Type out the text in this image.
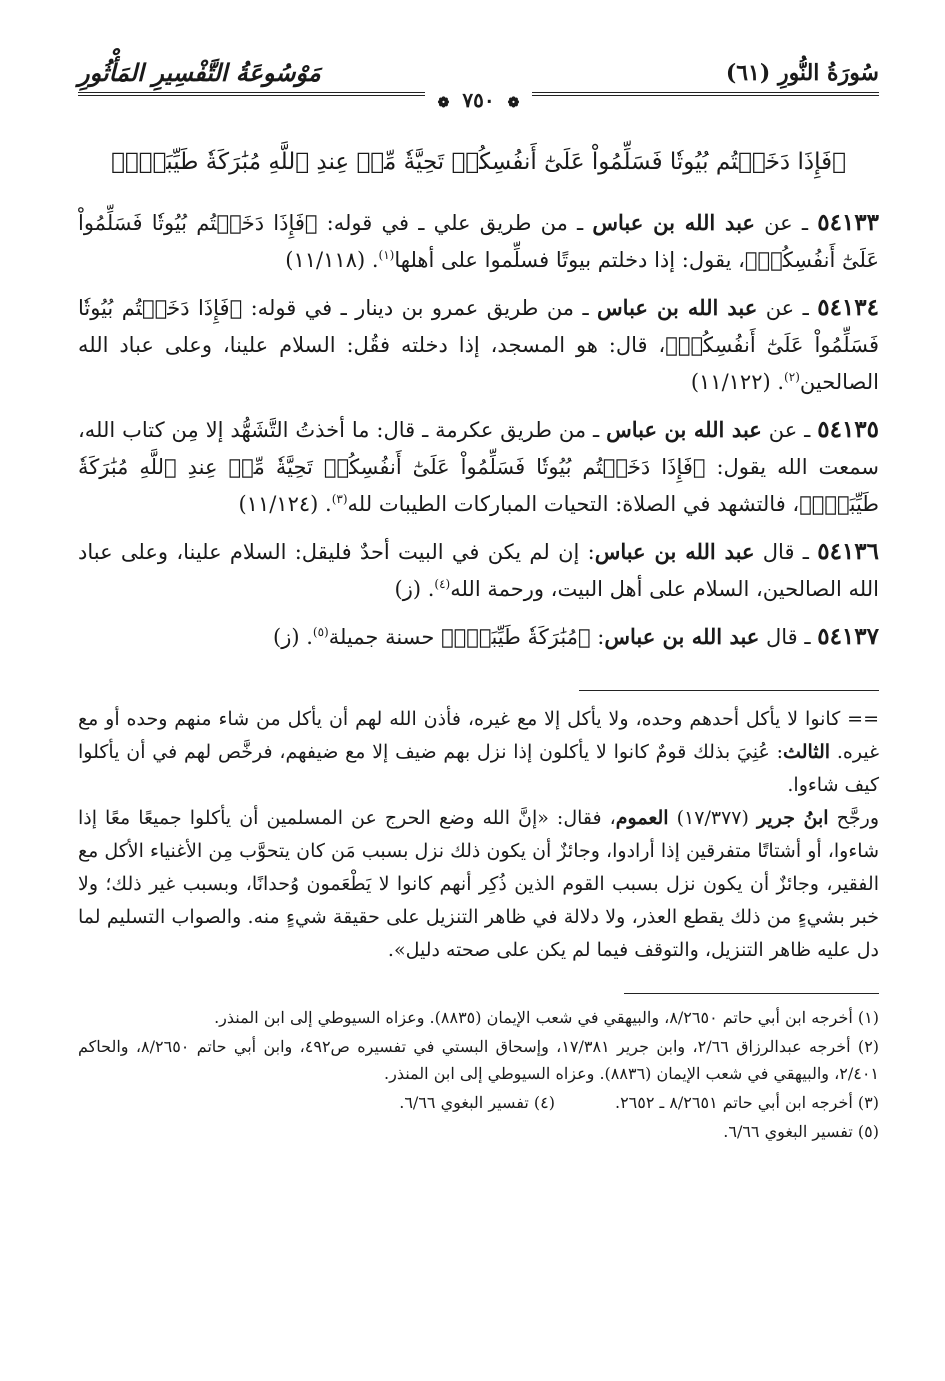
سُورَةُ النُّورِ (٦١)
مَوْسُوعَةُ التَّفْسِيرِ المَأْثُورِ
❁٧٥٠❁
﴿فَإِذَا دَخَلۡتُم بُيُوتٗا فَسَلِّمُواْ عَلَىٰٓ أَنفُسِكُمۡ تَحِيَّةٗ مِّنۡ عِندِ ٱللَّهِ مُبَٰرَكَةٗ طَيِّبَةٗۚ﴾

٥٤١٣٣ ـ عن عبد الله بن عباس ـ من طريق علي ـ في قوله: ﴿فَإِذَا دَخَلۡتُم بُيُوتٗا فَسَلِّمُواْ عَلَىٰٓ أَنفُسِكُمۡ﴾، يقول: إذا دخلتم بيوتًا فسلِّموا على أهلها$^{(١)}$. (١١/١١٨)

٥٤١٣٤ ـ عن عبد الله بن عباس ـ من طريق عمرو بن دينار ـ في قوله: ﴿فَإِذَا دَخَلۡتُم بُيُوتٗا فَسَلِّمُواْ عَلَىٰٓ أَنفُسِكُمۡ﴾، قال: هو المسجد، إذا دخلته فقُل: السلام علينا، وعلى عباد الله الصالحين$^{(٢)}$. (١١/١٢٢)

٥٤١٣٥ ـ عن عبد الله بن عباس ـ من طريق عكرمة ـ قال: ما أخذتُ التَّشَهُّد إلا مِن كتاب الله، سمعت الله يقول: ﴿فَإِذَا دَخَلۡتُم بُيُوتٗا فَسَلِّمُواْ عَلَىٰٓ أَنفُسِكُمۡ تَحِيَّةٗ مِّنۡ عِندِ ٱللَّهِ مُبَٰرَكَةٗ طَيِّبَةٗۚ﴾، فالتشهد في الصلاة: التحيات المباركات الطيبات لله$^{(٣)}$. (١١/١٢٤)

٥٤١٣٦ ـ قال عبد الله بن عباس: إن لم يكن في البيت أحدٌ فليقل: السلام علينا، وعلى عباد الله الصالحين، السلام على أهل البيت، ورحمة الله$^{(٤)}$. (ز)

٥٤١٣٧ ـ قال عبد الله بن عباس: ﴿مُبَٰرَكَةٗ طَيِّبَةٗۚ﴾ حسنة جميلة$^{(٥)}$. (ز)

== كانوا لا يأكل أحدهم وحده، ولا يأكل إلا مع غيره، فأذن الله لهم أن يأكل من شاء منهم وحده أو مع غيره. الثالث: عُنِيَ بذلك قومٌ كانوا لا يأكلون إذا نزل بهم ضيف إلا مع ضيفهم، فرخَّص لهم في أن يأكلوا كيف شاءوا.

ورجَّح ابنُ جرير (١٧/٣٧٧) العموم، فقال: «إنَّ الله وضع الحرج عن المسلمين أن يأكلوا جميعًا معًا إذا شاءوا، أو أشتاتًا متفرقين إذا أرادوا، وجائزٌ أن يكون ذلك نزل بسبب مَن كان يتحوَّب مِن الأغنياء الأكل مع الفقير، وجائزٌ أن يكون نزل بسبب القوم الذين ذُكِر أنهم كانوا لا يَطْعَمون وُحدانًا، وبسبب غير ذلك؛ ولا خبر بشيءٍ من ذلك يقطع العذر، ولا دلالة في ظاهر التنزيل على حقيقة شيءٍ منه. والصواب التسليم لما دل عليه ظاهر التنزيل، والتوقف فيما لم يكن على صحته دليل».

(١) أخرجه ابن أبي حاتم ٨/٢٦٥٠، والبيهقي في شعب الإيمان (٨٨٣٥). وعزاه السيوطي إلى ابن المنذر.

(٢) أخرجه عبدالرزاق ٢/٦٦، وابن جرير ١٧/٣٨١، وإسحاق البستي في تفسيره ص٤٩٢، وابن أبي حاتم ٨/٢٦٥٠، والحاكم ٢/٤٠١، والبيهقي في شعب الإيمان (٨٨٣٦). وعزاه السيوطي إلى ابن المنذر.

(٣) أخرجه ابن أبي حاتم ٨/٢٦٥١ ـ ٢٦٥٢.
(٤) تفسير البغوي ٦/٦٦.

(٥) تفسير البغوي ٦/٦٦.
